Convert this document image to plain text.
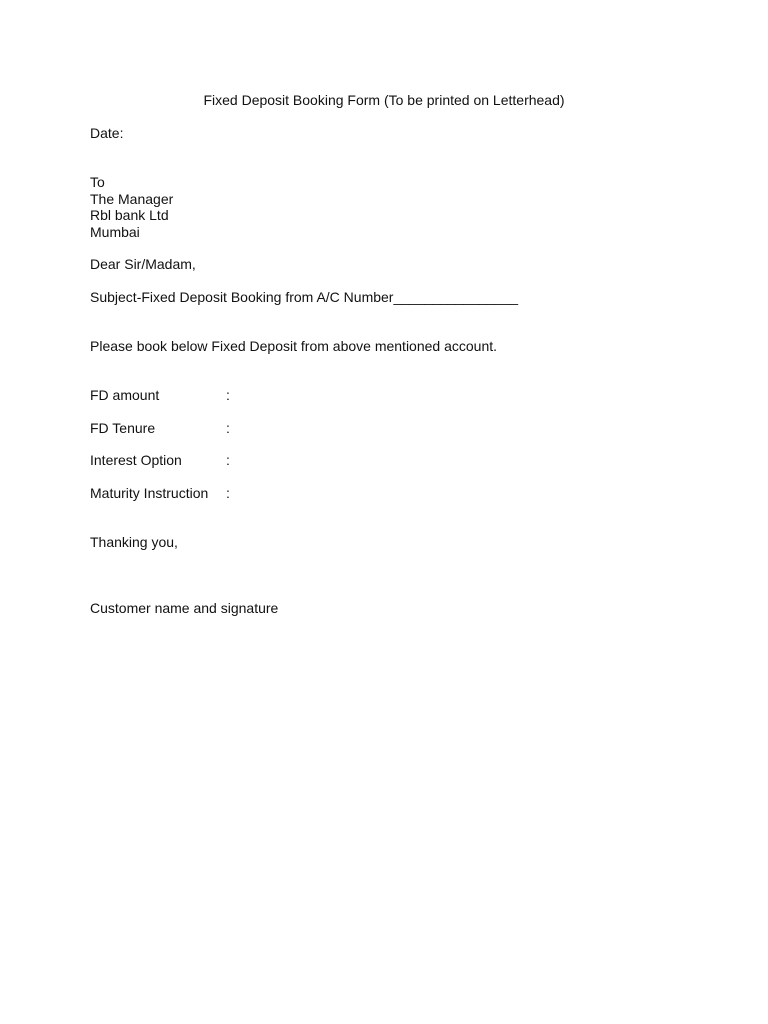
Fixed Deposit Booking Form (To be printed on Letterhead)
Date:
To
The Manager
Rbl bank Ltd
Mumbai
Dear Sir/Madam,
Subject-Fixed Deposit Booking from A/C Number________________
Please book below Fixed Deposit from above mentioned account.
FD amount	:
FD Tenure	:
Interest Option	:
Maturity Instruction :
Thanking you,
Customer name and signature
